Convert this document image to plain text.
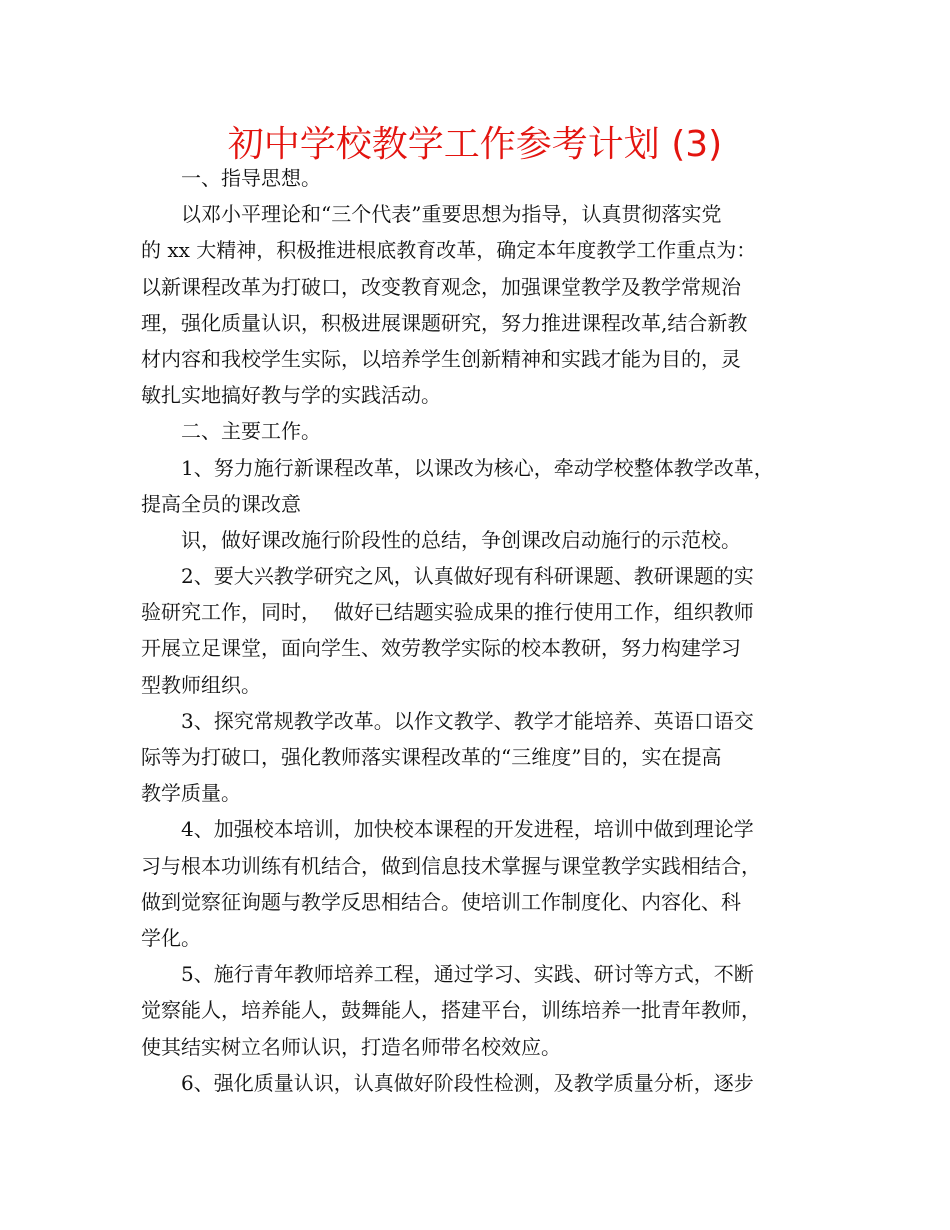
初中学校教学工作参考计划 (3)
一、指导思想。
以邓小平理论和“三个代表”重要思想为指导，认真贯彻落实党
的 xx 大精神，积极推进根底教育改革，确定本年度教学工作重点为：
以新课程改革为打破口，改变教育观念，加强课堂教学及教学常规治
理，强化质量认识，积极进展课题研究，努力推进课程改革,结合新教
材内容和我校学生实际，以培养学生创新精神和实践才能为目的，灵
敏扎实地搞好教与学的实践活动。
二、主要工作。
1、努力施行新课程改革，以课改为核心，牵动学校整体教学改革，
提高全员的课改意
识，做好课改施行阶段性的总结，争创课改启动施行的示范校。
2、要大兴教学研究之风，认真做好现有科研课题、教研课题的实
验研究工作，同时，  做好已结题实验成果的推行使用工作，组织教师
开展立足课堂，面向学生、效劳教学实际的校本教研，努力构建学习
型教师组织。
3、探究常规教学改革。以作文教学、教学才能培养、英语口语交
际等为打破口，强化教师落实课程改革的“三维度”目的，实在提高
教学质量。
4、加强校本培训，加快校本课程的开发进程，培训中做到理论学
习与根本功训练有机结合，做到信息技术掌握与课堂教学实践相结合，
做到觉察征询题与教学反思相结合。使培训工作制度化、内容化、科
学化。
5、施行青年教师培养工程，通过学习、实践、研讨等方式，不断
觉察能人，培养能人，鼓舞能人，搭建平台，训练培养一批青年教师，
使其结实树立名师认识，打造名师带名校效应。
6、强化质量认识，认真做好阶段性检测，及教学质量分析，逐步
